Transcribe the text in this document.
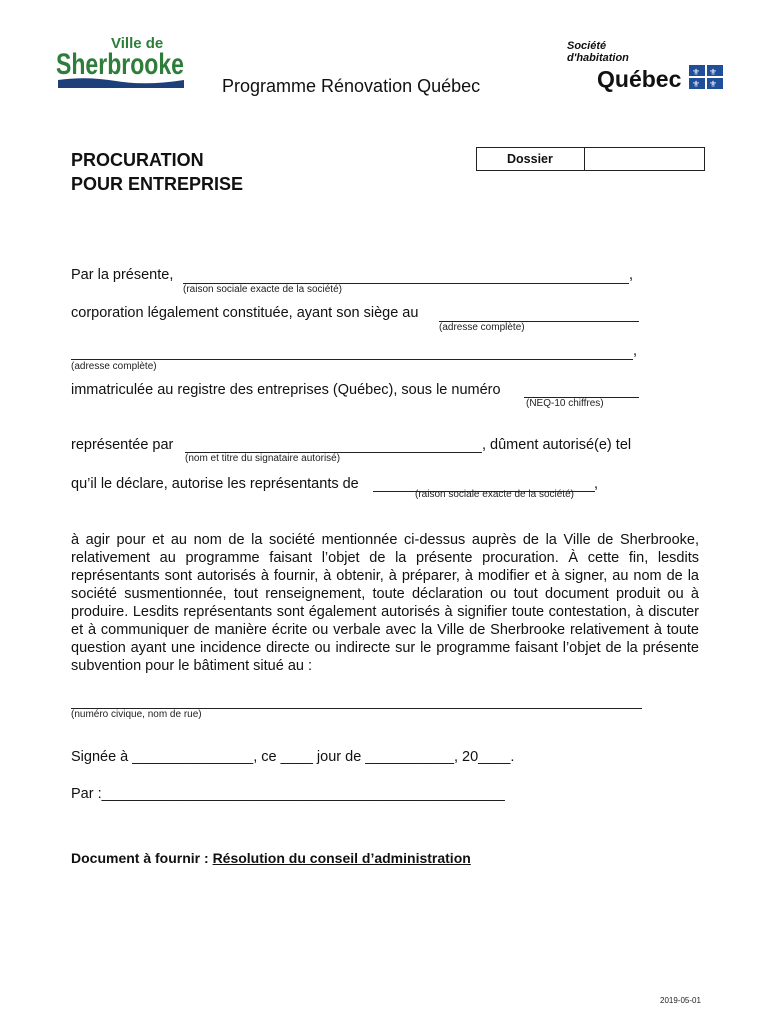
Ville de
Sherbrooke
Société
d'habitation
Québec ⚜ ⚜
⚜ ⚜
Programme Rénovation Québec
PROCURATION
POUR ENTREPRISE
Dossier
Par la présente,	,
(raison sociale exacte de la société)
corporation légalement constituée, ayant son siège au
(adresse complète)
,
(adresse complète)
immatriculée au registre des entreprises (Québec), sous le numéro
(NEQ-10 chiffres)
représentée par	, dûment autorisé(e) tel
(nom et titre du signataire autorisé)
qu’il le déclare, autorise les représentants de	,
(raison sociale exacte de la société)
à agir pour et au nom de la société mentionnée ci-dessus auprès de la Ville de Sherbrooke, relativement au programme faisant l’objet de la présente procuration. À cette fin, lesdits représentants sont autorisés à fournir, à obtenir, à préparer, à modifier et à signer, au nom de la société susmentionnée, tout renseignement, toute déclaration ou tout document produit ou à produire. Lesdits représentants sont également autorisés à signifier toute contestation, à discuter et à communiquer de manière écrite ou verbale avec la Ville de Sherbrooke relativement à toute question ayant une incidence directe ou indirecte sur le programme faisant l’objet de la présente subvention pour le bâtiment situé au :
(numéro civique, nom de rue)
Signée à _______________, ce ____ jour de ___________, 20____.
Par :__________________________________________________
Document à fournir : Résolution du conseil d’administration
2019-05-01
